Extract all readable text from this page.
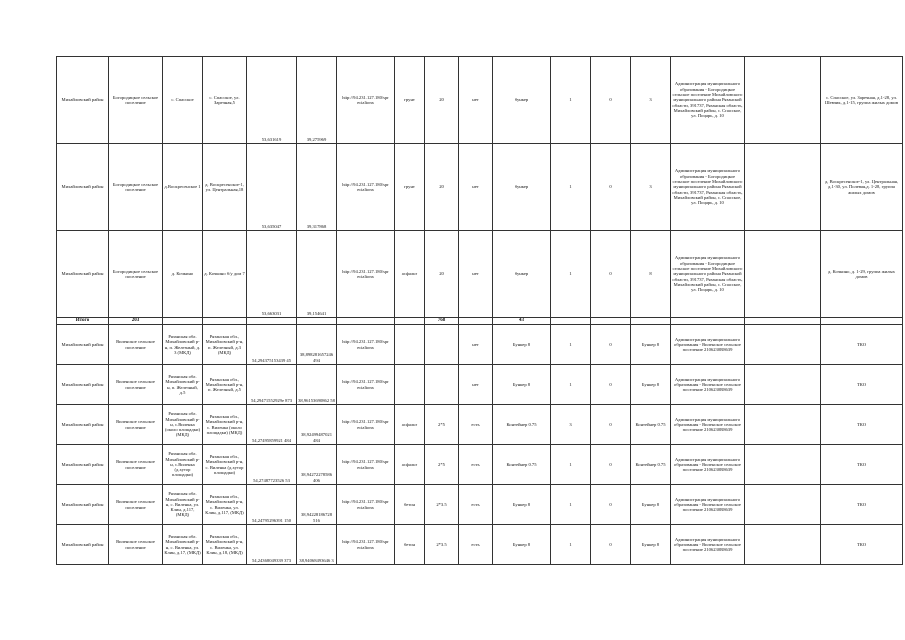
Михайловский район	Богородицкое сельское поселение	с. Спасское	с. Спасское, ул. Заречная,5	53,631619	39,275969	http://94.231.127.180/spr ecialtonx	грунт	20	нет	бункер	1	0	3	Администрация муниципального образования - Богородицкое сельское поселение Михайловского муниципального района Рязанской области, 391737, Рязанская область, Михайловский район, с. Спасское, ул. Поцарь, д. 10		с. Спасское, ул. Заречная, д.1-28, ул. Шевчик, д.1-15, группа жилых домов
Михайловский район	Богородицкое сельское поселение	д.Воскресенское 1	д. Воскресенское-1, ул. Центральная,18	53,635047	39,317868	http://94.231.127.180/spr ecialtonx	грунт	20	нет	бункер	1	0	3	Администрация муниципального образования - Богородицкое сельское поселение Михайловского муниципального района Рязанской области, 391737, Рязанская область, Михайловский район, с. Спасское, ул. Поцарь, д. 10		д. Воскресенское-1, ул. Центральная, д.1-30, ул. Полевая,д. 1-28, группа жилых домов
Михайловский район	Богородицкое сельское поселение	д. Кочкино	д. Кочкино б/у дом 7	53,663031	39,154641	http://94.231.127.180/spr ecialtonx	асфальт	20	нет	бункер	1	0	8	Администрация муниципального образования - Богородицкое сельское поселение Михайловского муниципального района Рязанской области, 391737, Рязанская область, Михайловский район, с. Спасское, ул. Поцарь, д. 10		д. Кочкино, д. 1-29, группа жилых домов
Итого	203							768		43						
Михайловский район	Виленское сельское поселение	Рязанская обл. Михайловский р-н, п. Железный, д. 3 (МКД)	Рязанская обл., Михайловский р-н, п. Железный, д.3 (МКД)	54,294375153439 45	38,898281657246 494	http://94.231.127.180/spr ecialtonx			нет	Бункер 8	1	0	Бункер 8	Администрация муниципального образования - Виленское сельское поселение 2106230R8639		ТКО
Михайловский район	Виленское сельское поселение	Рязанская обл. Михайловский р-н, п. Железный, д.5	Рязанская обл., Михайловский р-н, п. Железный, д.5	54,29471552929e 873	38,96153690862 58	http://94.231.127.180/spr ecialtonx			нет	Бункер 8	1	0	Бункер 8	Администрация муниципального образования - Виленское сельское поселение 2106230R8639		ТКО
Михайловский район	Виленское сельское поселение	Рязанская обл. Михайловский р-н, с.Виленка (около площадки) (МКД)	Рязанская обл., Михайловский р-н, с. Виленка (около площадки) (МКД)	54,27495859921 484	38,92499487021 484	http://94.231.127.180/spr ecialtonx	асфальт	2*5	есть	Контейнер 0.75	3	0	Контейнер 0.75	Администрация муниципального образования - Виленское сельское поселение 2106230R8639		ТКО
Михайловский район	Виленское сельское поселение	Рязанская обл. Михайловский р-н, с.Виленка (д.хутор площадки)	Рязанская обл., Михайловский р-н, с. Виленка (д.хутор площадки)	54,27487723526 53	38,94272278586 406	http://94.231.127.180/spr ecialtonx	асфальт	2*5	есть	Контейнер 0.75	1	0	Контейнер 0.75	Администрация муниципального образования - Виленское сельское поселение 2106230R8639		ТКО
Михайловский район	Виленское сельское поселение	Рязанская обл. Михайловский р-н, с. Виленка, ул. Клин, д.117, (МКД)	Рязанская обл., Михайловский р-н, с. Виленка, ул. Клин, д.117, (МКД)	54,24795296391 150	38,94228186728 516	http://94.231.127.180/spr ecialtonx	бетон	2*3.5	есть	Бункер 8	1	0	Бункер 8	Администрация муниципального образования - Виленское сельское поселение 2106230R8639		ТКО
Михайловский район	Виленское сельское поселение	Рязанская обл. Михайловский р-н, с. Виленка, ул. Клин, д.17, (МКД)	Рязанская обл., Михайловский р-н, с. Виленка, ул. Клин, д.18, (МКД)	54,24368049339 373	38,94068493646 3	http://94.231.127.180/spr ecialtonx	бетон	2*3.5	есть	Бункер 8	1	0	Бункер 8	Администрация муниципального образования - Виленское сельское поселение 2106230R8639		ТКО
